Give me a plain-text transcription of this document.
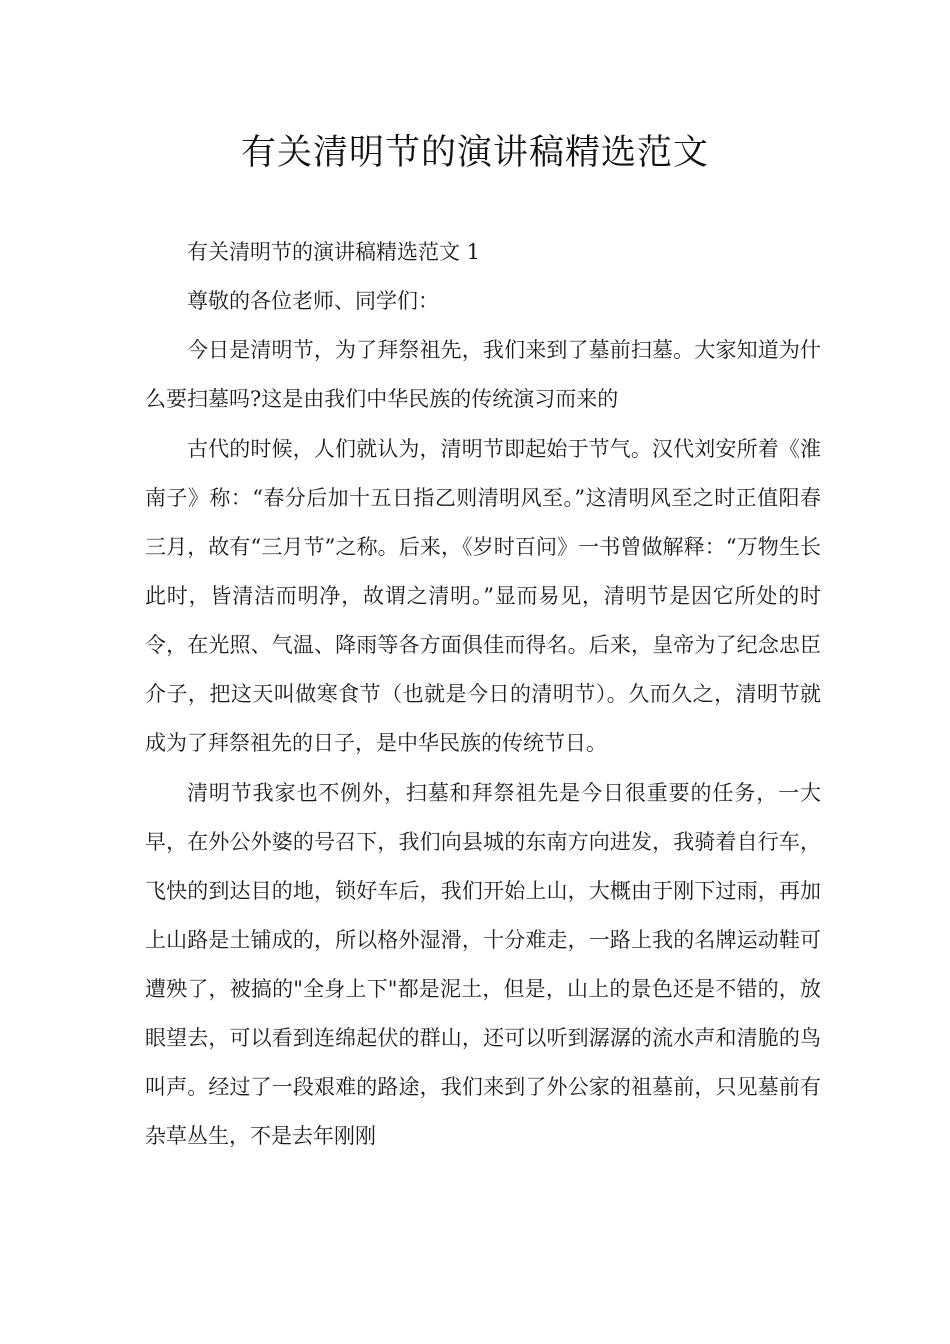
有关清明节的演讲稿精选范文

有关清明节的演讲稿精选范文 1

尊敬的各位老师、同学们：

今日是清明节，为了拜祭祖先，我们来到了墓前扫墓。大家知道为什么要扫墓吗?这是由我们中华民族的传统演习而来的

古代的时候，人们就认为，清明节即起始于节气。汉代刘安所着《淮南子》称：“春分后加十五日指乙则清明风至。”这清明风至之时正值阳春三月，故有“三月节”之称。后来，《岁时百问》一书曾做解释：“万物生长此时，皆清洁而明净，故谓之清明。”显而易见，清明节是因它所处的时令，在光照、气温、降雨等各方面俱佳而得名。后来，皇帝为了纪念忠臣介子，把这天叫做寒食节（也就是今日的清明节）。久而久之，清明节就成为了拜祭祖先的日子，是中华民族的传统节日。

清明节我家也不例外，扫墓和拜祭祖先是今日很重要的任务，一大早，在外公外婆的号召下，我们向县城的东南方向进发，我骑着自行车，飞快的到达目的地，锁好车后，我们开始上山，大概由于刚下过雨，再加上山路是土铺成的，所以格外湿滑，十分难走，一路上我的名牌运动鞋可遭殃了，被搞的"全身上下"都是泥土，但是，山上的景色还是不错的，放眼望去，可以看到连绵起伏的群山，还可以听到潺潺的流水声和清脆的鸟叫声。经过了一段艰难的路途，我们来到了外公家的祖墓前，只见墓前有杂草丛生，不是去年刚刚
